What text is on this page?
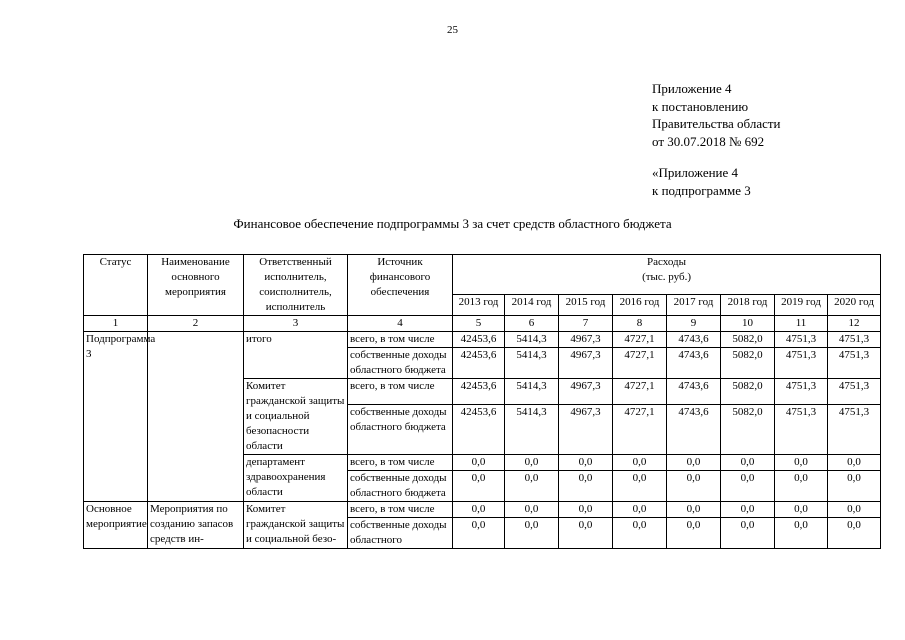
25
Приложение 4
к постановлению
Правительства области
от 30.07.2018 № 692
«Приложение 4
к подпрограмме 3
Финансовое обеспечение подпрограммы 3 за счет средств областного бюджета
Статус	Наименование основного мероприятия	Ответственный исполнитель, соисполнитель, исполнитель	Источник финансового обеспечения	Расходы
(тыс. руб.)							

				2013 год	2014 год	2015 год	2016 год	2017 год	2018 год	2019 год	2020 год
1	2	3	4	5	6	7	8	9	10	11	12
Подпрограмма 3		итого	всего, в том числе	42453,6	5414,3	4967,3	4727,1	4743,6	5082,0	4751,3	4751,3
			собственные доходы областного бюджета	42453,6	5414,3	4967,3	4727,1	4743,6	5082,0	4751,3	4751,3
		Комитет гражданской защиты и социальной безопасности области	всего, в том числе	42453,6	5414,3	4967,3	4727,1	4743,6	5082,0	4751,3	4751,3
			собственные доходы областного бюджета	42453,6	5414,3	4967,3	4727,1	4743,6	5082,0	4751,3	4751,3
		департамент здравоохранения области	всего, в том числе	0,0	0,0	0,0	0,0	0,0	0,0	0,0	0,0
			собственные доходы областного бюджета	0,0	0,0	0,0	0,0	0,0	0,0	0,0	0,0
Основное мероприятие	Мероприятия по созданию запасов средств ин-	Комитет гражданской защиты и социальной безо-	всего, в том числе	0,0	0,0	0,0	0,0	0,0	0,0	0,0	0,0
			собственные доходы областного	0,0	0,0	0,0	0,0	0,0	0,0	0,0	0,0
